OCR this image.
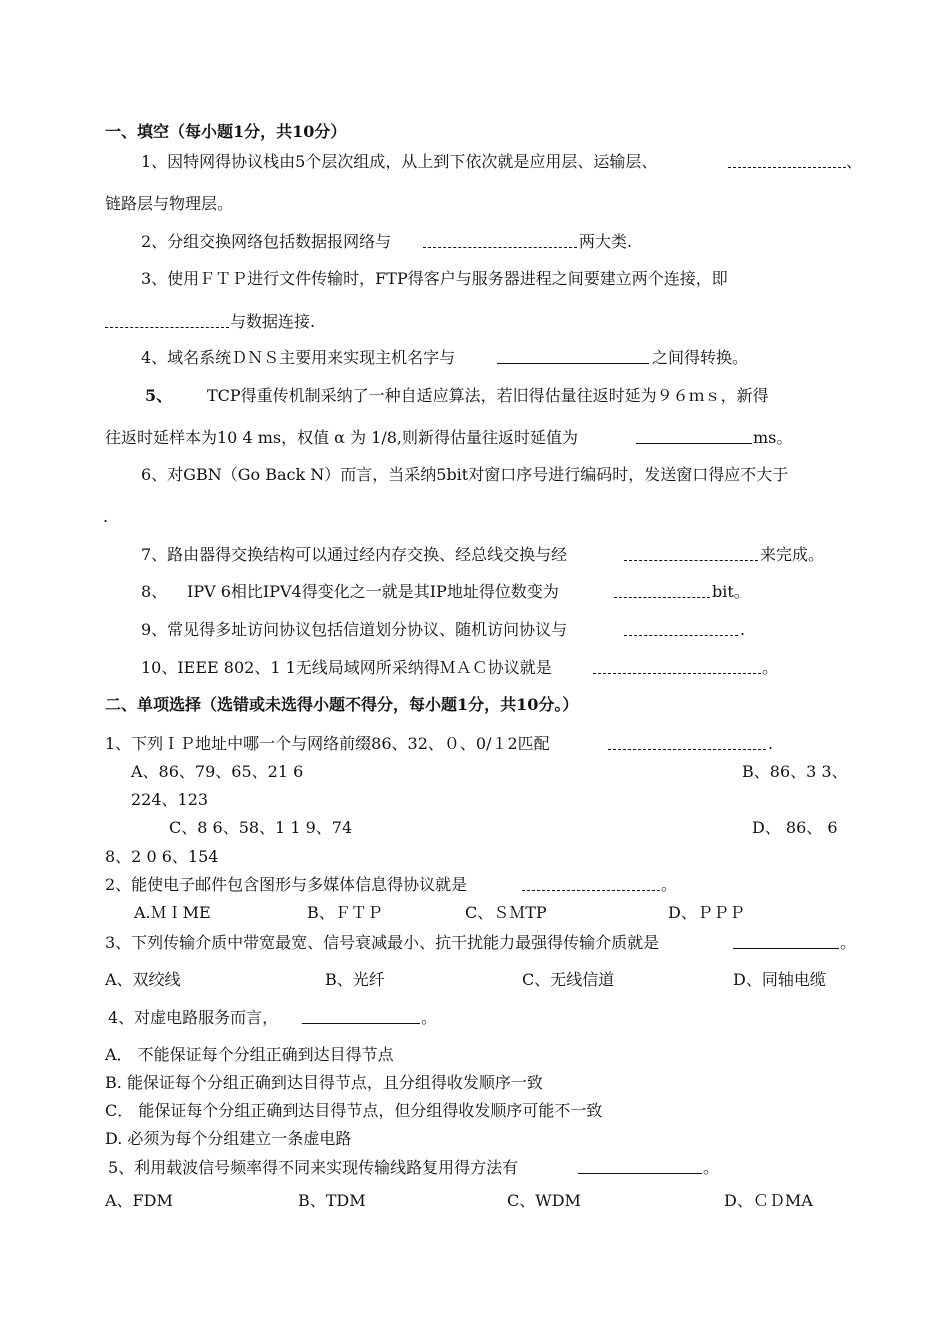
一、填空（每小题1分，共10分）
1、因特网得协议栈由5个层次组成，从上到下依次就是应用层、运输层、	、
链路层与物理层。
2、分组交换网络包括数据报网络与	两大类.
3、使用ＦＴＰ进行文件传输时，FTP得客户与服务器进程之间要建立两个连接，即
与数据连接.
4、域名系统ＤＮＳ主要用来实现主机名字与	之间得转换。
5、 TCP得重传机制采纳了一种自适应算法，若旧得估量往返时延为９６ｍｓ，新得
往返时延样本为10 4 ms，权值 α 为 1/8,则新得估量往返时延值为	ms。
6、对GBN（Go Back N）而言，当采纳5bit对窗口序号进行编码时，发送窗口得应不大于
.
7、路由器得交换结构可以通过经内存交换、经总线交换与经	来完成。
8、 IPV 6相比IPV4得变化之一就是其IP地址得位数变为	bit。
9、常见得多址访问协议包括信道划分协议、随机访问协议与	.
10、IEEE 802、1 1无线局域网所采纳得ＭＡＣ协议就是	。
二、单项选择（选错或未选得小题不得分，每小题1分，共10分。）
1、下列ＩＰ地址中哪一个与网络前缀86、32、０、0/１2匹配	.
A、86、79、65、21 6	B、86、3 3、
224、123
C、8 6、58、1 1 9、74	D、 86、 6
8、2 0 6、154
2、能使电子邮件包含图形与多媒体信息得协议就是	。
A.ＭＩME	B、ＦＴＰ	C、ＳＭTP	D、ＰＰＰ
3、下列传输介质中带宽最宽、信号衰减最小、抗干扰能力最强得传输介质就是	。
A、双绞线	B、光纤	C、无线信道	D、同轴电缆
4、对虚电路服务而言，	。
A． 不能保证每个分组正确到达目得节点
B. 能保证每个分组正确到达目得节点，且分组得收发顺序一致
C． 能保证每个分组正确到达目得节点，但分组得收发顺序可能不一致
D. 必须为每个分组建立一条虚电路
5、利用载波信号频率得不同来实现传输线路复用得方法有	。
A、FDM	B、TDM	C、WDM	D、ＣＤMA
